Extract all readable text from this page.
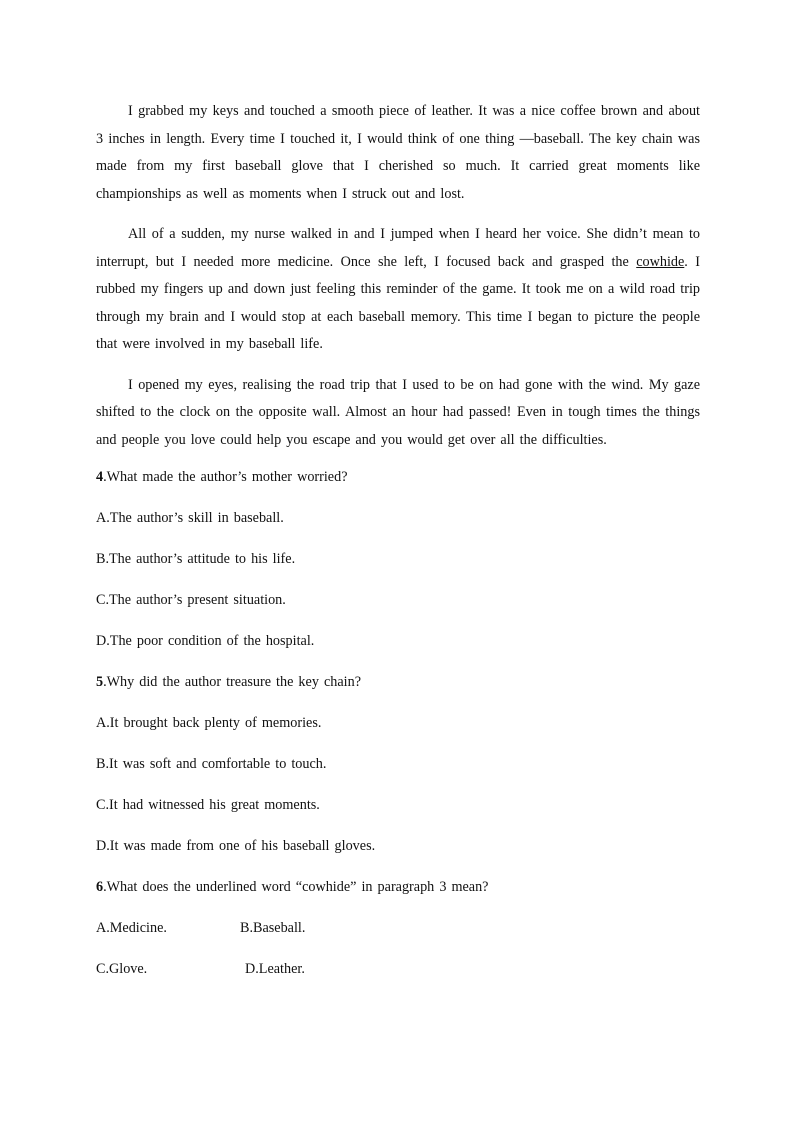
I grabbed my keys and touched a smooth piece of leather. It was a nice coffee brown and about 3 inches in length. Every time I touched it, I would think of one thing —baseball. The key chain was made from my first baseball glove that I cherished so much. It carried great moments like championships as well as moments when I struck out and lost.

All of a sudden, my nurse walked in and I jumped when I heard her voice. She didn’t mean to interrupt, but I needed more medicine. Once she left, I focused back and grasped the cowhide. I rubbed my fingers up and down just feeling this reminder of the game. It took me on a wild road trip through my brain and I would stop at each baseball memory. This time I began to picture the people that were involved in my baseball life.

I opened my eyes, realising the road trip that I used to be on had gone with the wind. My gaze shifted to the clock on the opposite wall. Almost an hour had passed! Even in tough times the things and people you love could help you escape and you would get over all the difficulties.

4.What made the author’s mother worried?
A.The author’s skill in baseball.
B.The author’s attitude to his life.
C.The author’s present situation.
D.The poor condition of the hospital.
5.Why did the author treasure the key chain?
A.It brought back plenty of memories.
B.It was soft and comfortable to touch.
C.It had witnessed his great moments.
D.It was made from one of his baseball gloves.
6.What does the underlined word “cowhide” in paragraph 3 mean?
A.Medicine.	B.Baseball.
C.Glove.	D.Leather.
